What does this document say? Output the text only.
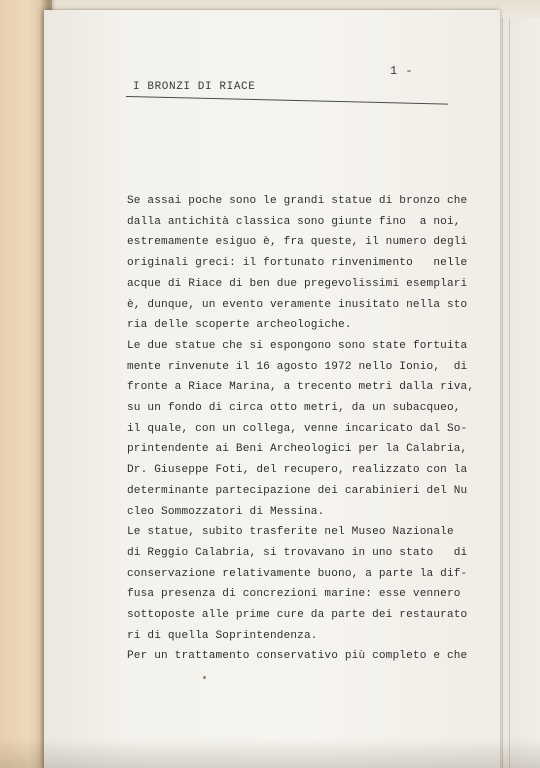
1 -
I BRONZI DI RIACE
Se assai poche sono le grandi statue di bronzo che
dalla antichità classica sono giunte fino  a noi,
estremamente esiguo è, fra queste, il numero degli
originali greci: il fortunato rinvenimento   nelle
acque di Riace di ben due pregevolissimi esemplari
è, dunque, un evento veramente inusitato nella sto
ria delle scoperte archeologiche.
Le due statue che si espongono sono state fortuita
mente rinvenute il 16 agosto 1972 nello Ionio,  di
fronte a Riace Marina, a trecento metri dalla riva,
su un fondo di circa otto metri, da un subacqueo,
il quale, con un collega, venne incaricato dal So-
printendente ai Beni Archeologici per la Calabria,
Dr. Giuseppe Foti, del recupero, realizzato con la
determinante partecipazione dei carabinieri del Nu
cleo Sommozzatori di Messina.
Le statue, subito trasferite nel Museo Nazionale
di Reggio Calabria, si trovavano in uno stato   di
conservazione relativamente buono, a parte la dif-
fusa presenza di concrezioni marine: esse vennero
sottoposte alle prime cure da parte dei restaurato
ri di quella Soprintendenza.
Per un trattamento conservativo più completo e che
